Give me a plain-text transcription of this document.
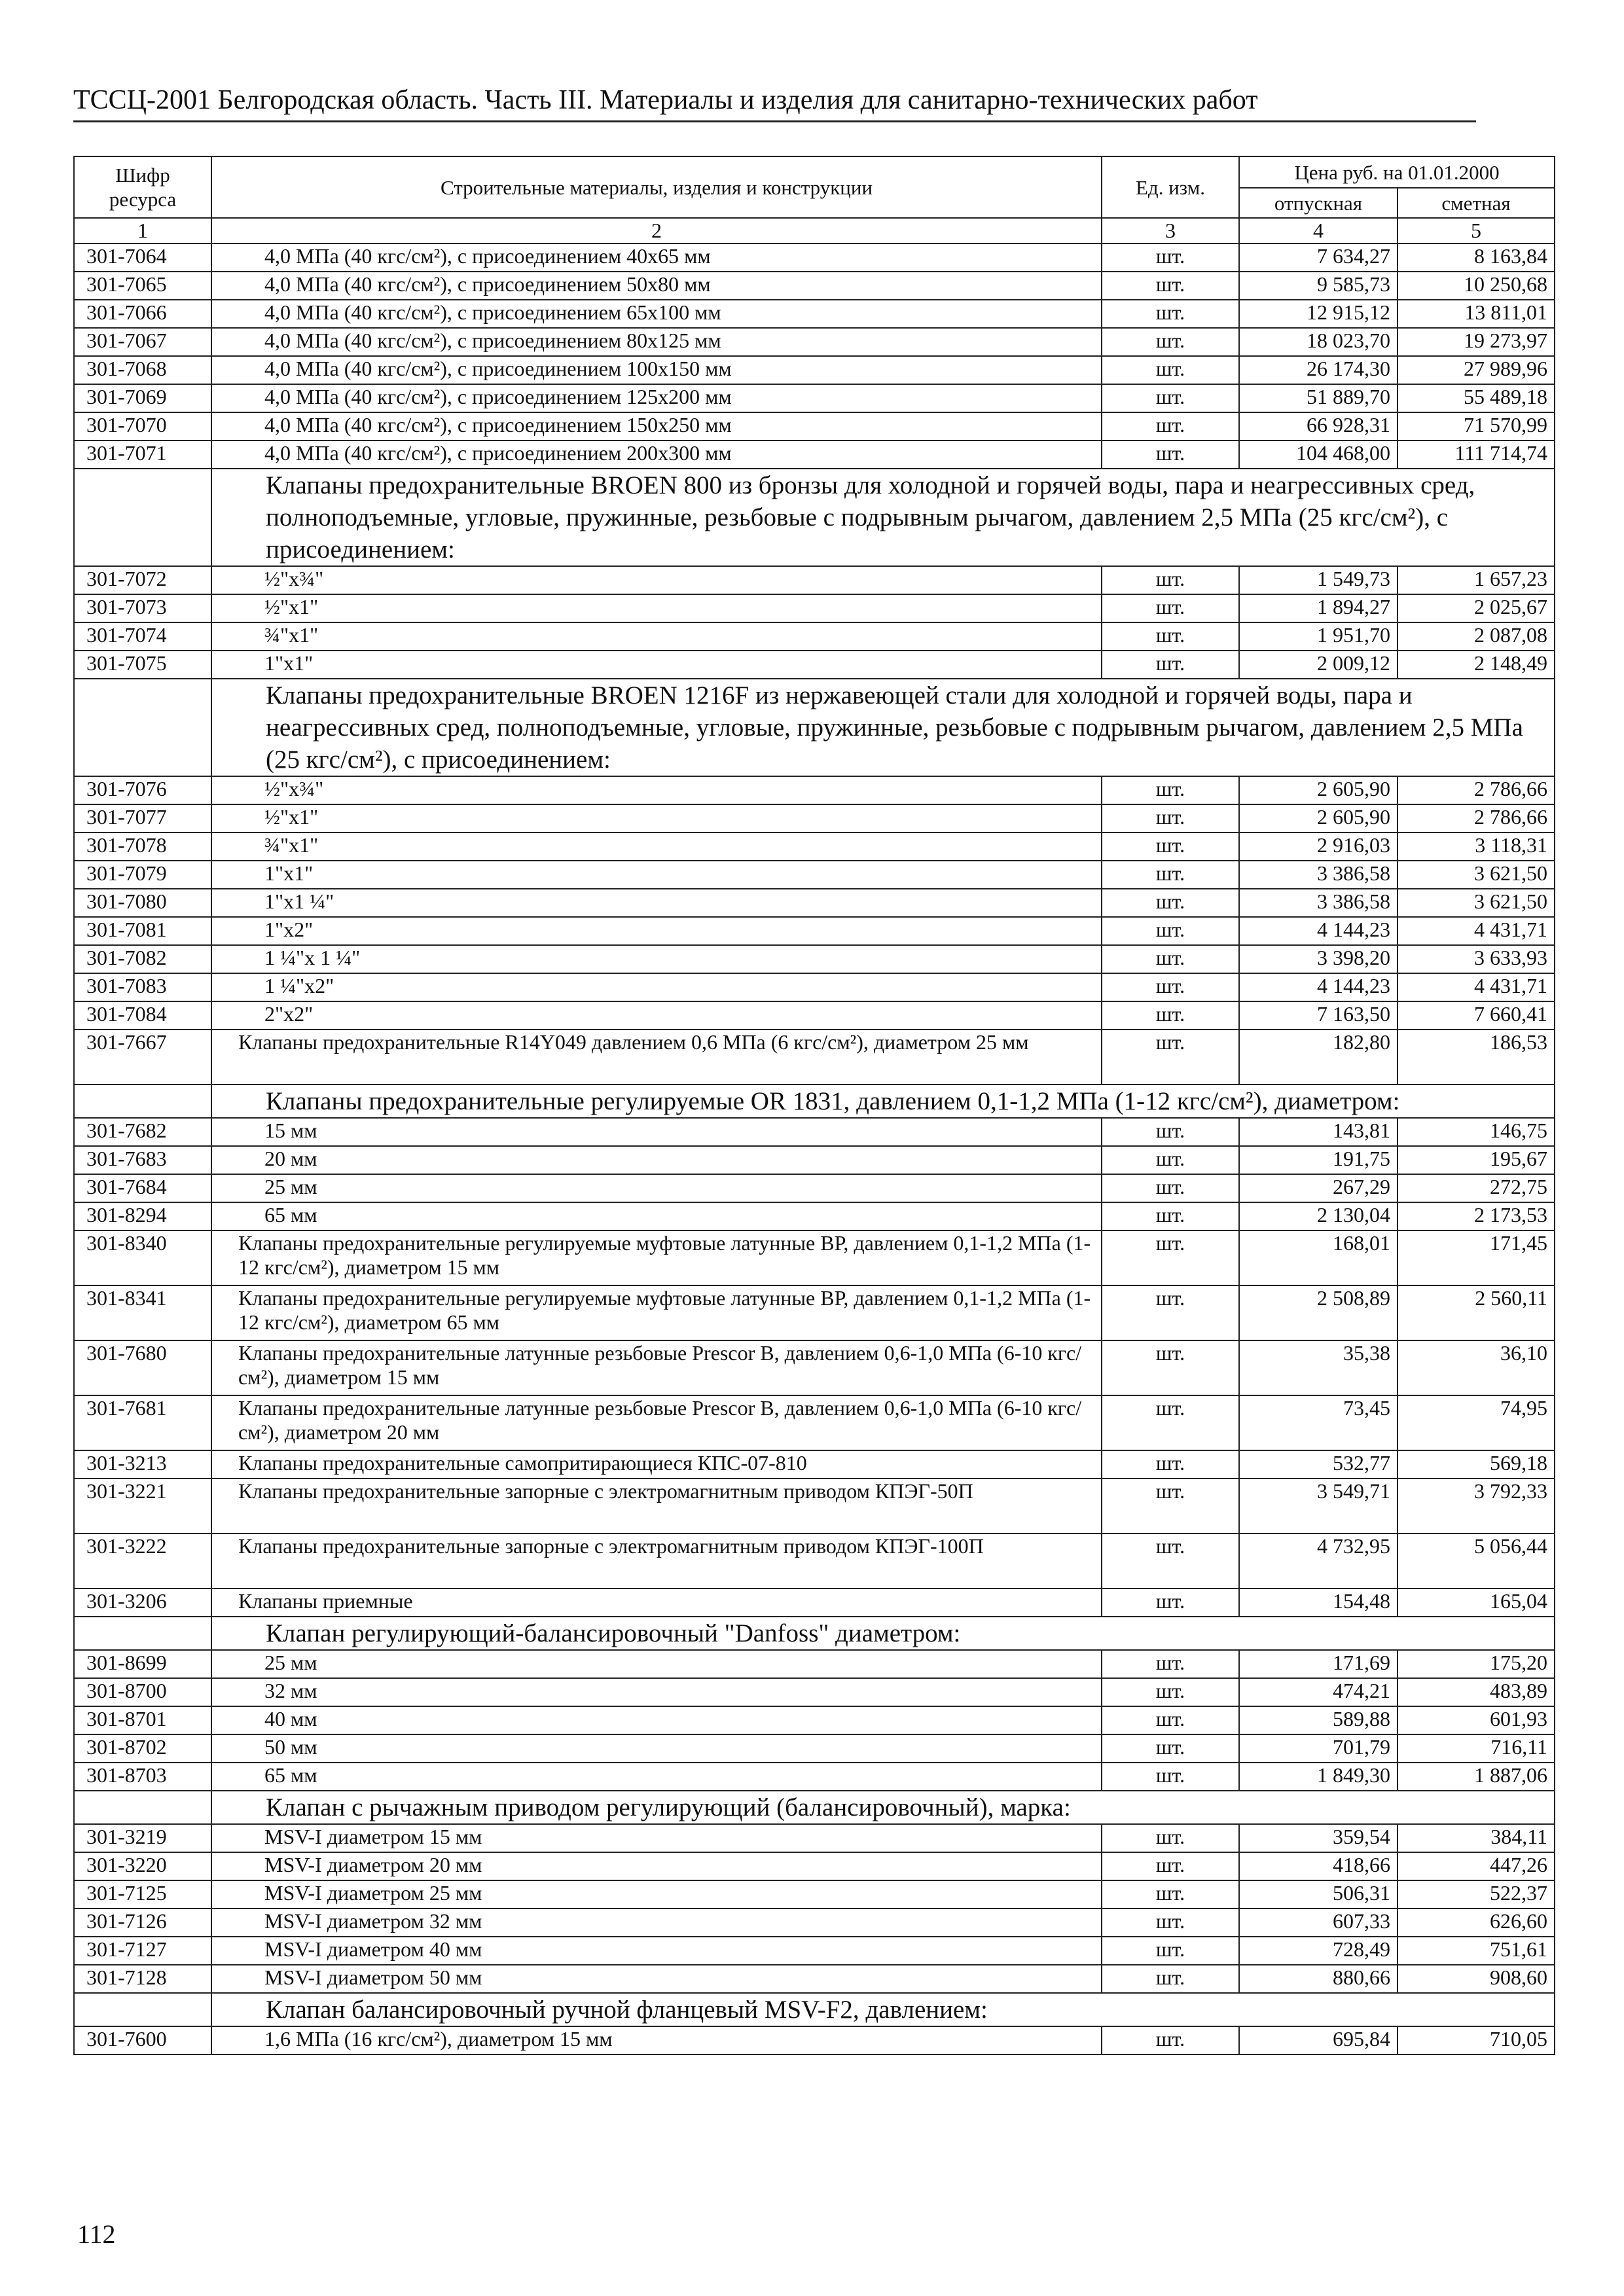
ТССЦ-2001 Белгородская область. Часть III. Материалы и изделия для санитарно-технических работ
Шифр ресурса	Строительные материалы, изделия и конструкции	Ед. изм.	Цена руб. на 01.01.2000	
			отпускная	сметная
1	2	3	4	5
301-7064	4,0 МПа (40 кгс/см²), с присоединением 40х65 мм	шт.	7 634,27	8 163,84
301-7065	4,0 МПа (40 кгс/см²), с присоединением 50х80 мм	шт.	9 585,73	10 250,68
301-7066	4,0 МПа (40 кгс/см²), с присоединением 65х100 мм	шт.	12 915,12	13 811,01
301-7067	4,0 МПа (40 кгс/см²), с присоединением 80х125 мм	шт.	18 023,70	19 273,97
301-7068	4,0 МПа (40 кгс/см²), с присоединением 100х150 мм	шт.	26 174,30	27 989,96
301-7069	4,0 МПа (40 кгс/см²), с присоединением 125х200 мм	шт.	51 889,70	55 489,18
301-7070	4,0 МПа (40 кгс/см²), с присоединением 150х250 мм	шт.	66 928,31	71 570,99
301-7071	4,0 МПа (40 кгс/см²), с присоединением 200х300 мм	шт.	104 468,00	111 714,74
	Клапаны предохранительные BROEN 800 из бронзы для холодной и горячей воды, пара и неагрессивных сред, полноподъемные, угловые, пружинные, резьбовые с подрывным рычагом, давлением 2,5 МПа (25 кгс/см²), с присоединением:			
301-7072	½"х¾"	шт.	1 549,73	1 657,23
301-7073	½"х1"	шт.	1 894,27	2 025,67
301-7074	¾"х1"	шт.	1 951,70	2 087,08
301-7075	1"х1"	шт.	2 009,12	2 148,49
	Клапаны предохранительные BROEN 1216F из нержавеющей стали для холодной и горячей воды, пара и неагрессивных сред, полноподъемные, угловые, пружинные, резьбовые с подрывным рычагом, давлением 2,5 МПа (25 кгс/см²), с присоединением:			
301-7076	½"х¾"	шт.	2 605,90	2 786,66
301-7077	½"х1"	шт.	2 605,90	2 786,66
301-7078	¾"х1"	шт.	2 916,03	3 118,31
301-7079	1"х1"	шт.	3 386,58	3 621,50
301-7080	1"х1 ¼"	шт.	3 386,58	3 621,50
301-7081	1"х2"	шт.	4 144,23	4 431,71
301-7082	1 ¼"х 1 ¼"	шт.	3 398,20	3 633,93
301-7083	1 ¼"х2"	шт.	4 144,23	4 431,71
301-7084	2"х2"	шт.	7 163,50	7 660,41
301-7667	Клапаны предохранительные R14Y049 давлением 0,6 МПа (6 кгс/см²), диаметром 25 мм	шт.	182,80	186,53
	Клапаны предохранительные регулируемые OR 1831, давлением 0,1-1,2 МПа (1-12 кгс/см²), диаметром:			
301-7682	15 мм	шт.	143,81	146,75
301-7683	20 мм	шт.	191,75	195,67
301-7684	25 мм	шт.	267,29	272,75
301-8294	65 мм	шт.	2 130,04	2 173,53
301-8340	Клапаны предохранительные регулируемые муфтовые латунные ВР, давлением 0,1-1,2 МПа (1-12 кгс/см²), диаметром 15 мм	шт.	168,01	171,45
301-8341	Клапаны предохранительные регулируемые муфтовые латунные ВР, давлением 0,1-1,2 МПа (1-12 кгс/см²), диаметром 65 мм	шт.	2 508,89	2 560,11
301-7680	Клапаны предохранительные латунные резьбовые Prescor B, давлением 0,6-1,0 МПа (6-10 кгс/см²), диаметром 15 мм	шт.	35,38	36,10
301-7681	Клапаны предохранительные латунные резьбовые Prescor B, давлением 0,6-1,0 МПа (6-10 кгс/см²), диаметром 20 мм	шт.	73,45	74,95
301-3213	Клапаны предохранительные самопритирающиеся КПС-07-810	шт.	532,77	569,18
301-3221	Клапаны предохранительные запорные с электромагнитным приводом КПЭГ-50П	шт.	3 549,71	3 792,33
301-3222	Клапаны предохранительные запорные с электромагнитным приводом КПЭГ-100П	шт.	4 732,95	5 056,44
301-3206	Клапаны приемные	шт.	154,48	165,04
	Клапан регулирующий-балансировочный "Danfoss" диаметром:			
301-8699	25 мм	шт.	171,69	175,20
301-8700	32 мм	шт.	474,21	483,89
301-8701	40 мм	шт.	589,88	601,93
301-8702	50 мм	шт.	701,79	716,11
301-8703	65 мм	шт.	1 849,30	1 887,06
	Клапан с рычажным приводом регулирующий (балансировочный), марка:			
301-3219	MSV-I диаметром 15 мм	шт.	359,54	384,11
301-3220	MSV-I диаметром 20 мм	шт.	418,66	447,26
301-7125	MSV-I диаметром 25 мм	шт.	506,31	522,37
301-7126	MSV-I диаметром 32 мм	шт.	607,33	626,60
301-7127	MSV-I диаметром 40 мм	шт.	728,49	751,61
301-7128	MSV-I диаметром 50 мм	шт.	880,66	908,60
	Клапан балансировочный ручной фланцевый MSV-F2, давлением:			
301-7600	1,6 МПа (16 кгс/см²), диаметром 15 мм	шт.	695,84	710,05
112
